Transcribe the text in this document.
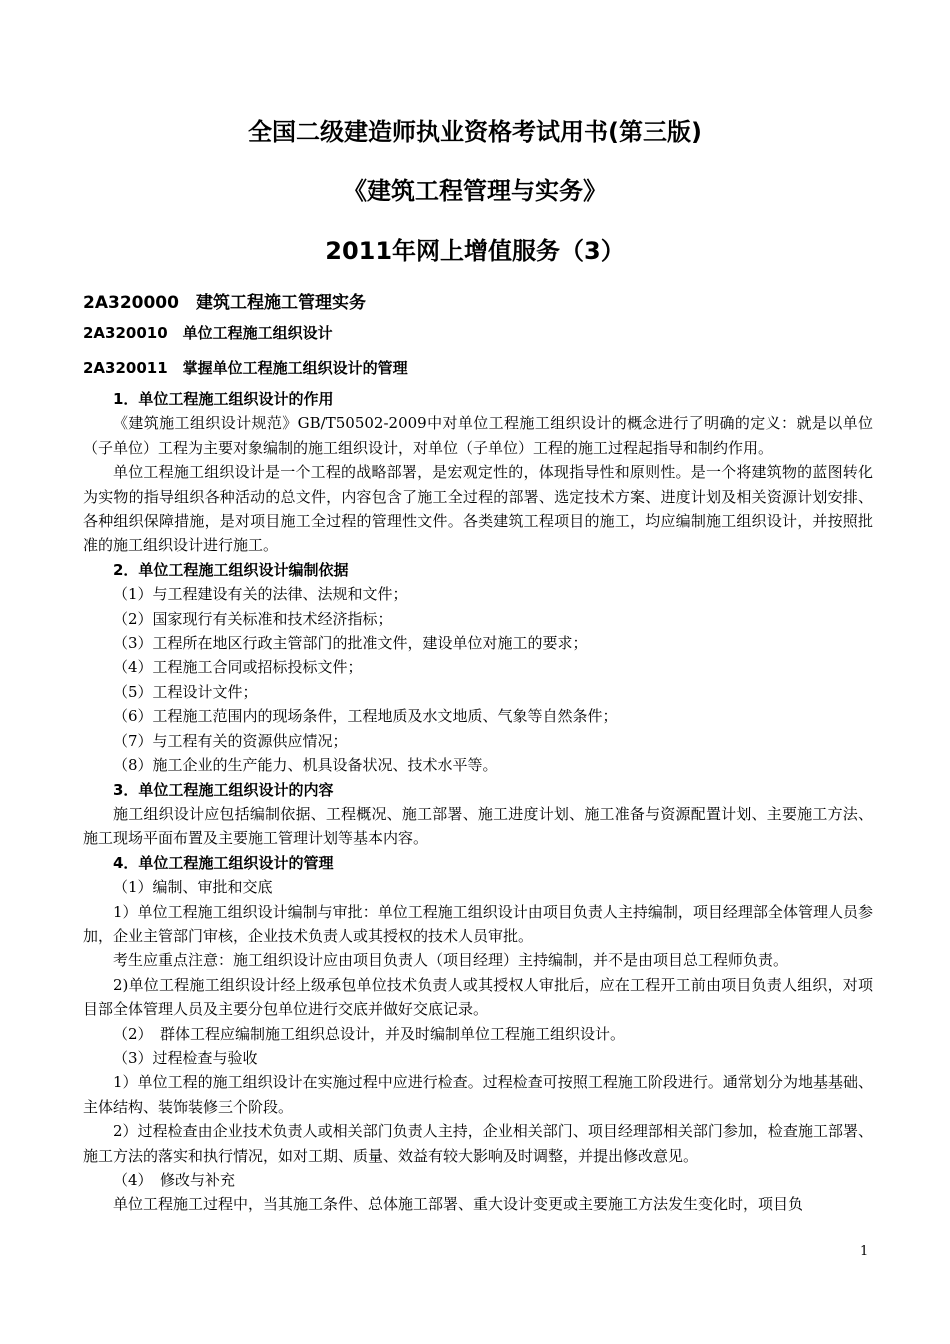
全国二级建造师执业资格考试用书(第三版)
《建筑工程管理与实务》
2011年网上增值服务（3）
2A320000　建筑工程施工管理实务
2A320010　单位工程施工组织设计
2A320011　掌握单位工程施工组织设计的管理

1．单位工程施工组织设计的作用

《建筑施工组织设计规范》GB/T50502-2009中对单位工程施工组织设计的概念进行了明确的定义：就是以单位（子单位）工程为主要对象编制的施工组织设计，对单位（子单位）工程的施工过程起指导和制约作用。

单位工程施工组织设计是一个工程的战略部署，是宏观定性的，体现指导性和原则性。是一个将建筑物的蓝图转化为实物的指导组织各种活动的总文件，内容包含了施工全过程的部署、选定技术方案、进度计划及相关资源计划安排、各种组织保障措施，是对项目施工全过程的管理性文件。各类建筑工程项目的施工，均应编制施工组织设计，并按照批准的施工组织设计进行施工。

2．单位工程施工组织设计编制依据

（1）与工程建设有关的法律、法规和文件；

（2）国家现行有关标准和技术经济指标；

（3）工程所在地区行政主管部门的批准文件，建设单位对施工的要求；

（4）工程施工合同或招标投标文件；

（5）工程设计文件；

（6）工程施工范围内的现场条件，工程地质及水文地质、气象等自然条件；

（7）与工程有关的资源供应情况；

（8）施工企业的生产能力、机具设备状况、技术水平等。

3．单位工程施工组织设计的内容

施工组织设计应包括编制依据、工程概况、施工部署、施工进度计划、施工准备与资源配置计划、主要施工方法、施工现场平面布置及主要施工管理计划等基本内容。

4．单位工程施工组织设计的管理

（1）编制、审批和交底

1）单位工程施工组织设计编制与审批：单位工程施工组织设计由项目负责人主持编制，项目经理部全体管理人员参加，企业主管部门审核，企业技术负责人或其授权的技术人员审批。

考生应重点注意：施工组织设计应由项目负责人（项目经理）主持编制，并不是由项目总工程师负责。

2)单位工程施工组织设计经上级承包单位技术负责人或其授权人审批后，应在工程开工前由项目负责人组织，对项目部全体管理人员及主要分包单位进行交底并做好交底记录。

（2）　群体工程应编制施工组织总设计，并及时编制单位工程施工组织设计。

（3）过程检查与验收

1）单位工程的施工组织设计在实施过程中应进行检查。过程检查可按照工程施工阶段进行。通常划分为地基基础、主体结构、装饰装修三个阶段。

2）过程检查由企业技术负责人或相关部门负责人主持，企业相关部门、项目经理部相关部门参加，检查施工部署、施工方法的落实和执行情况，如对工期、质量、效益有较大影响及时调整，并提出修改意见。

（4）　修改与补充

单位工程施工过程中，当其施工条件、总体施工部署、重大设计变更或主要施工方法发生变化时，项目负

1
